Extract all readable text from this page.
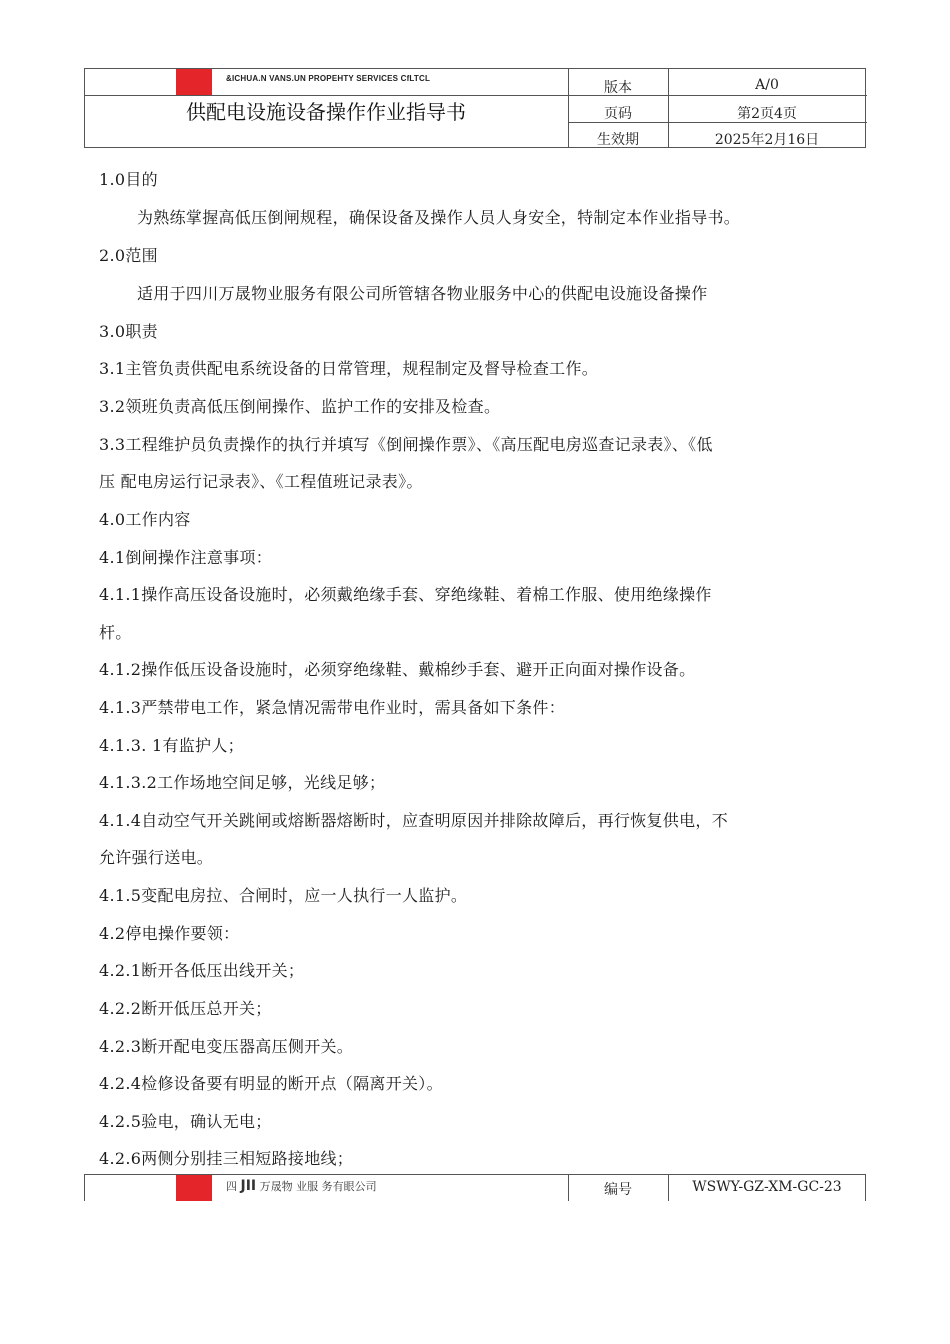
&ICHUA.N VANS.UN PROPEHTY SERVICES CfLTCL
供配电设施设备操作作业指导书
版本	A/0
页码	第2页4页
生效期	2025年2月16日
1.0目的
为熟练掌握高低压倒闸规程，确保设备及操作人员人身安全，特制定本作业指导书。
2.0范围
适用于四川万晟物业服务有限公司所管辖各物业服务中心的供配电设施设备操作
3.0职责
3.1主管负责供配电系统设备的日常管理，规程制定及督导检查工作。
3.2领班负责高低压倒闸操作、监护工作的安排及检查。
3.3工程维护员负责操作的执行并填写《倒闸操作票》、《高压配电房巡查记录表》、《低
压 配电房运行记录表》、《工程值班记录表》。
4.0工作内容
4.1倒闸操作注意事项：
4.1.1操作高压设备设施时，必须戴绝缘手套、穿绝缘鞋、着棉工作服、使用绝缘操作
杆。
4.1.2操作低压设备设施时，必须穿绝缘鞋、戴棉纱手套、避开正向面对操作设备。
4.1.3严禁带电工作，紧急情况需带电作业时，需具备如下条件：
4.1.3. 1有监护人；
4.1.3.2工作场地空间足够，光线足够；
4.1.4自动空气开关跳闸或熔断器熔断时，应查明原因并排除故障后，再行恢复供电，不
允许强行送电。
4.1.5变配电房拉、合闸时，应一人执行一人监护。
4.2停电操作要领：
4.2.1断开各低压出线开关；
4.2.2断开低压总开关；
4.2.3断开配电变压器高压侧开关。
4.2.4检修设备要有明显的断开点（隔离开关）。
4.2.5验电，确认无电；
4.2.6两侧分别挂三相短路接地线；
四 JII 万晟物 业服 务有眼公司	编号	WSWY-GZ-XM-GC-23
